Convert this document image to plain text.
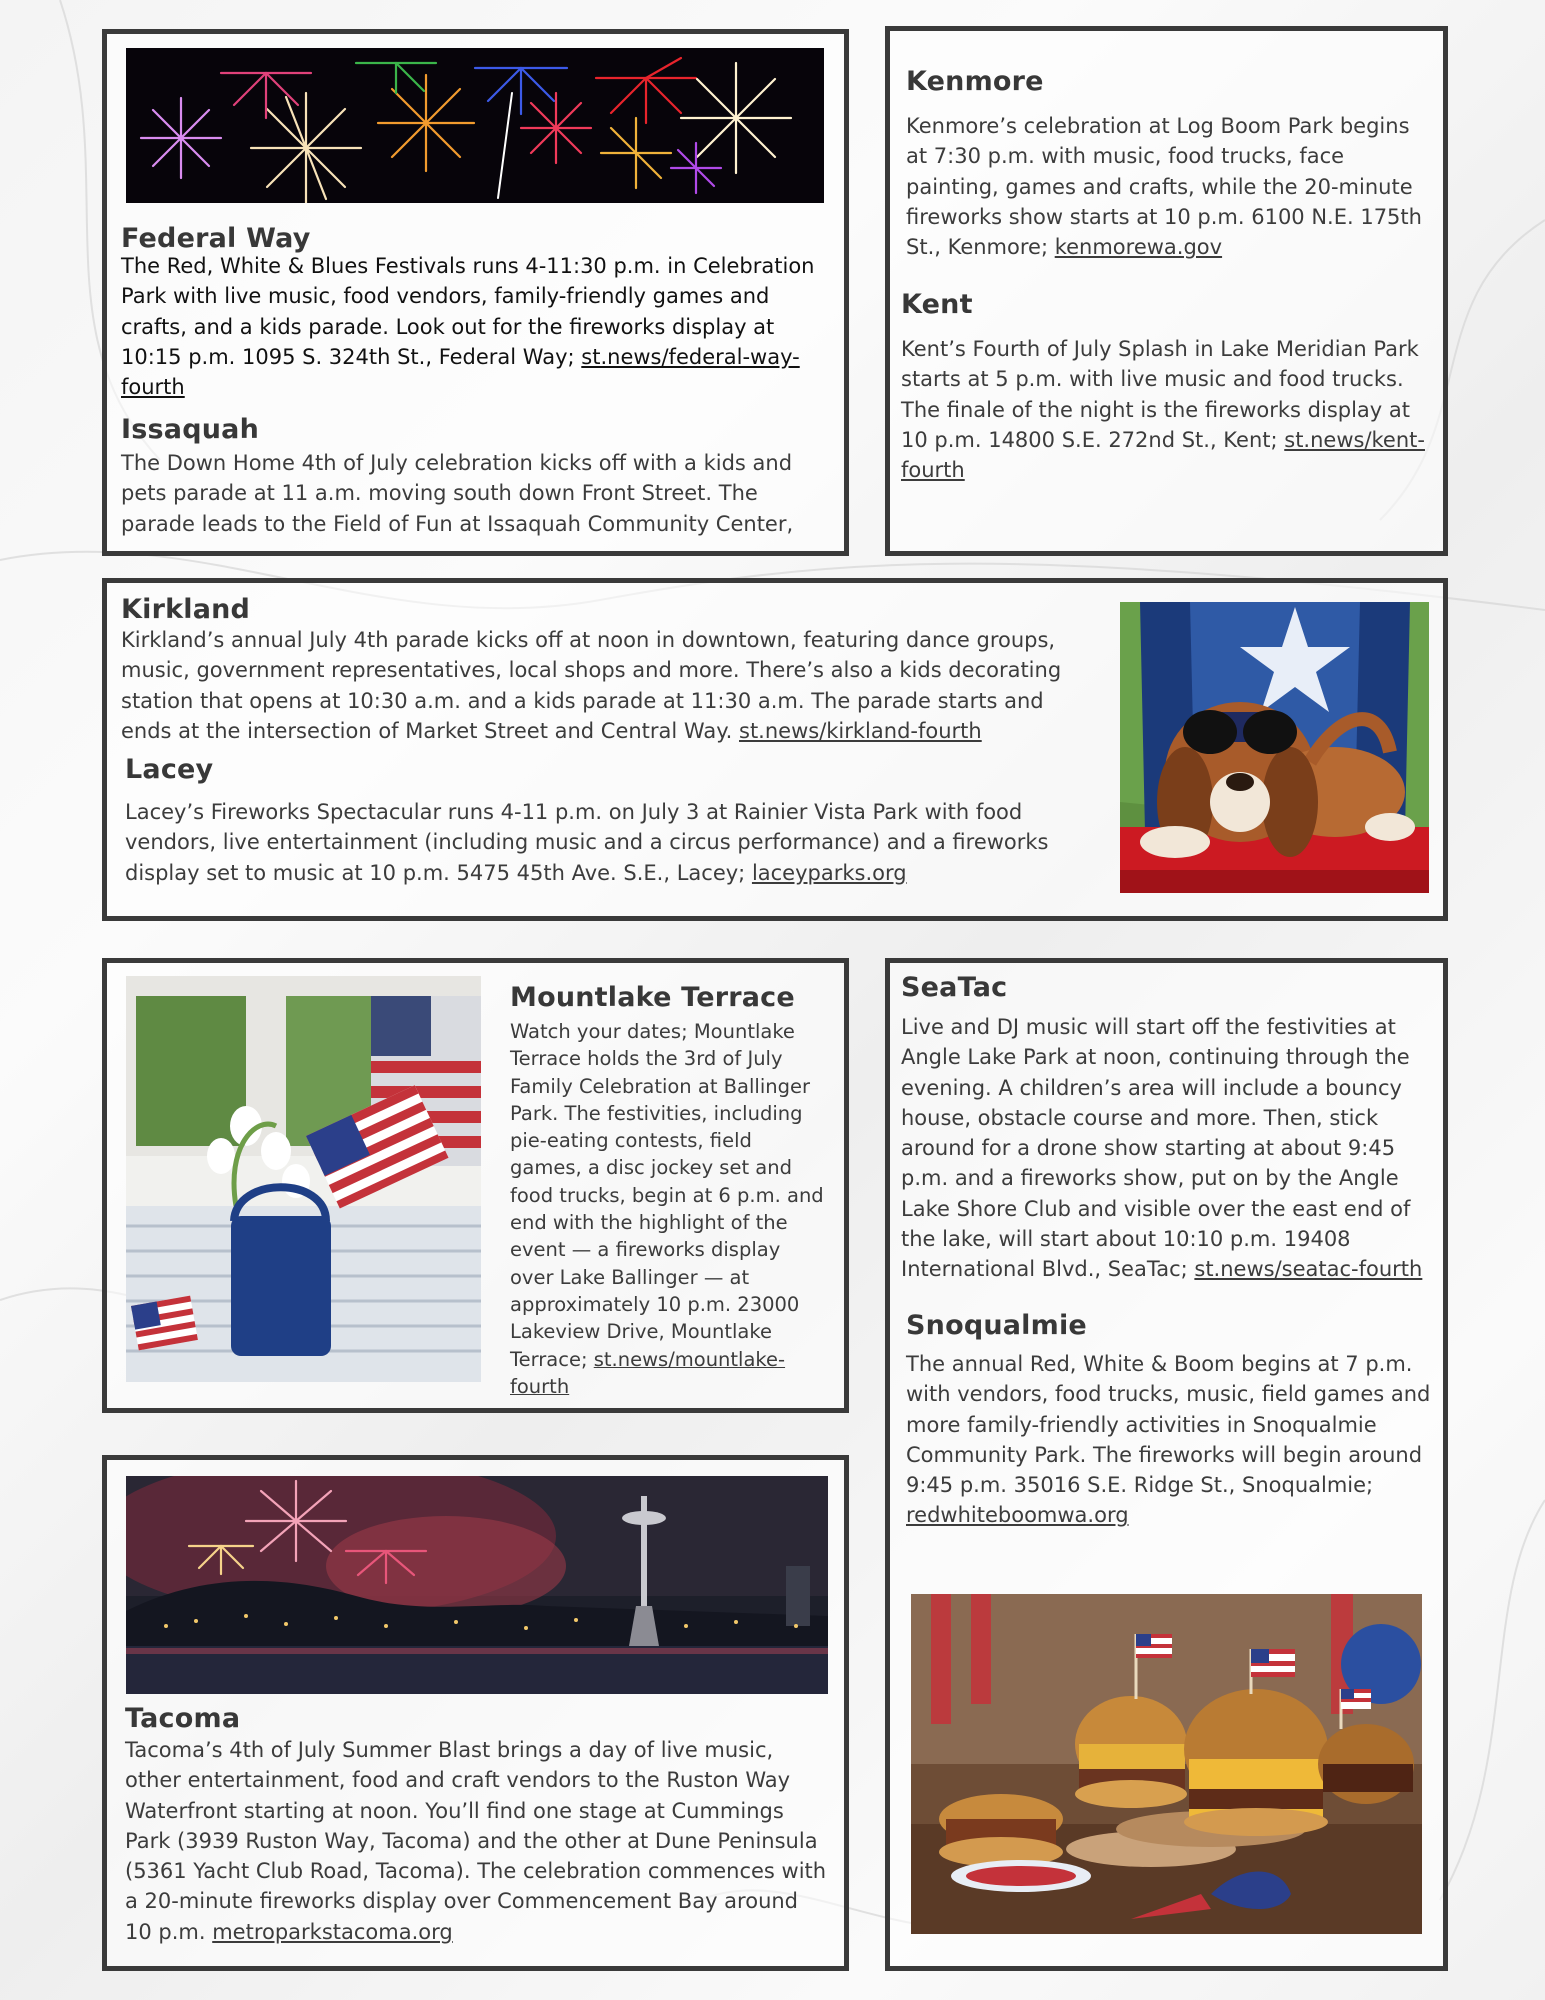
Federal Way

The Red, White & Blues Festivals runs 4-11:30 p.m. in Celebration Park with live music, food vendors, family-friendly games and crafts, and a kids parade. Look out for the fireworks display at 10:15 p.m. 1095 S. 324th St., Federal Way; st.news/federal-way-fourth

Issaquah

The Down Home 4th of July celebration kicks off with a kids and pets parade at 11 a.m. moving south down Front Street. The parade leads to the Field of Fun at Issaquah Community Center,

Kenmore

Kenmore’s celebration at Log Boom Park begins at 7:30 p.m. with music, food trucks, face painting, games and crafts, while the 20-minute fireworks show starts at 10 p.m. 6100 N.E. 175th St., Kenmore; kenmorewa.gov

Kent

Kent’s Fourth of July Splash in Lake Meridian Park starts at 5 p.m. with live music and food trucks. The finale of the night is the fireworks display at 10 p.m. 14800 S.E. 272nd St., Kent; st.news/kent-fourth

Kirkland

Kirkland’s annual July 4th parade kicks off at noon in downtown, featuring dance groups, music, government representatives, local shops and more. There’s also a kids decorating station that opens at 10:30 a.m. and a kids parade at 11:30 a.m. The parade starts and ends at the intersection of Market Street and Central Way. st.news/kirkland-fourth

Lacey

Lacey’s Fireworks Spectacular runs 4-11 p.m. on July 3 at Rainier Vista Park with food vendors, live entertainment (including music and a circus performance) and a fireworks display set to music at 10 p.m. 5475 45th Ave. S.E., Lacey; laceyparks.org

Mountlake Terrace

Watch your dates; Mountlake Terrace holds the 3rd of July Family Celebration at Ballinger Park. The festivities, including pie-eating contests, field games, a disc jockey set and food trucks, begin at 6 p.m. and end with the highlight of the event — a fireworks display over Lake Ballinger — at approximately 10 p.m. 23000 Lakeview Drive, Mountlake Terrace; st.news/mountlake-fourth

SeaTac

Live and DJ music will start off the festivities at Angle Lake Park at noon, continuing through the evening. A children’s area will include a bouncy house, obstacle course and more. Then, stick around for a drone show starting at about 9:45 p.m. and a fireworks show, put on by the Angle Lake Shore Club and visible over the east end of the lake, will start about 10:10 p.m. 19408 International Blvd., SeaTac; st.news/seatac-fourth

Snoqualmie

The annual Red, White & Boom begins at 7 p.m. with vendors, food trucks, music, field games and more family-friendly activities in Snoqualmie Community Park. The fireworks will begin around 9:45 p.m. 35016 S.E. Ridge St., Snoqualmie; redwhiteboomwa.org

Tacoma

Tacoma’s 4th of July Summer Blast brings a day of live music, other entertainment, food and craft vendors to the Ruston Way Waterfront starting at noon. You’ll find one stage at Cummings Park (3939 Ruston Way, Tacoma) and the other at Dune Peninsula (5361 Yacht Club Road, Tacoma). The celebration commences with a 20-minute fireworks display over Commencement Bay around 10 p.m. metroparkstacoma.org
